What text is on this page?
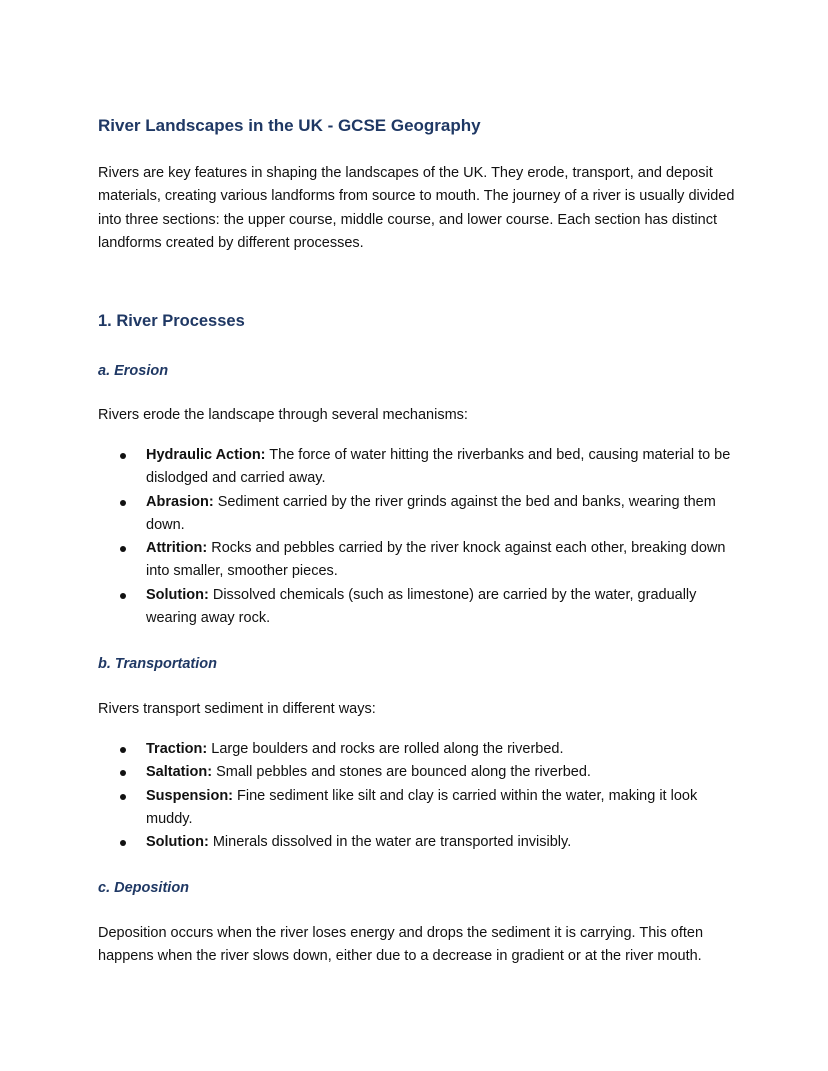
River Landscapes in the UK - GCSE Geography

Rivers are key features in shaping the landscapes of the UK. They erode, transport, and deposit materials, creating various landforms from source to mouth. The journey of a river is usually divided into three sections: the upper course, middle course, and lower course. Each section has distinct landforms created by different processes.

1. River Processes
a. Erosion

Rivers erode the landscape through several mechanisms:

Hydraulic Action: The force of water hitting the riverbanks and bed, causing material to be dislodged and carried away.
Abrasion: Sediment carried by the river grinds against the bed and banks, wearing them down.
Attrition: Rocks and pebbles carried by the river knock against each other, breaking down into smaller, smoother pieces.
Solution: Dissolved chemicals (such as limestone) are carried by the water, gradually wearing away rock.
b. Transportation

Rivers transport sediment in different ways:

Traction: Large boulders and rocks are rolled along the riverbed.
Saltation: Small pebbles and stones are bounced along the riverbed.
Suspension: Fine sediment like silt and clay is carried within the water, making it look muddy.
Solution: Minerals dissolved in the water are transported invisibly.
c. Deposition

Deposition occurs when the river loses energy and drops the sediment it is carrying. This often happens when the river slows down, either due to a decrease in gradient or at the river mouth.
